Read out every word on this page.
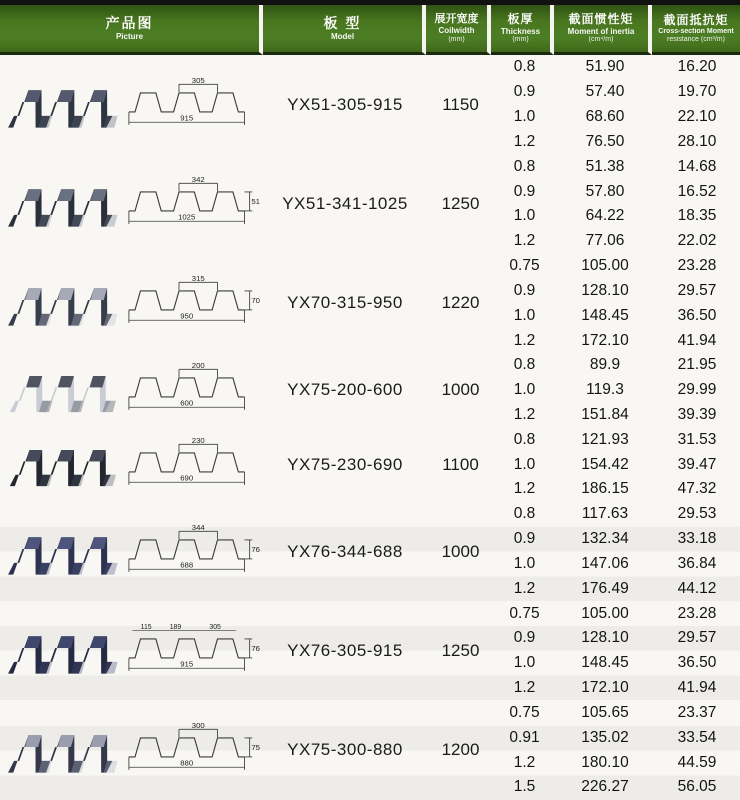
产品图
Picture
板 型
Model
展开宽度
Coilwidth
(mm)
板厚
Thickness
(mm)
截面惯性矩
Moment of inertia
(cm⁴/m)
截面抵抗矩
Cross-section Moment
resistance (cm³/m)
915
305
YX51-305-915 1150
0.8	51.90	16.20
0.9	57.40	19.70
1.0	68.60	22.10
1.2	76.50	28.10
1025
342
51 YX51-341-1025 1250
0.8	51.38	14.68
0.9	57.80	16.52
1.0	64.22	18.35
1.2	77.06	22.02
950
315
70 YX70-315-950 1220
0.75	105.00	23.28
0.9	128.10	29.57
1.0	148.45	36.50
1.2	172.10	41.94
600
200
YX75-200-600 1000
0.8	89.9	21.95
1.0	119.3	29.99
1.2	151.84	39.39
690
230
YX75-230-690 1100
0.8	121.93	31.53
1.0	154.42	39.47
1.2	186.15	47.32
688
344
76 YX76-344-688 1000
0.8	117.63	29.53
0.9	132.34	33.18
1.0	147.06	36.84
1.2	176.49	44.12
915
115 189	305
76 YX76-305-915 1250
0.75	105.00	23.28
0.9	128.10	29.57
1.0	148.45	36.50
1.2	172.10	41.94
880
300
75 YX75-300-880 1200
0.75	105.65	23.37
0.91	135.02	33.54
1.2	180.10	44.59
1.5	226.27	56.05
